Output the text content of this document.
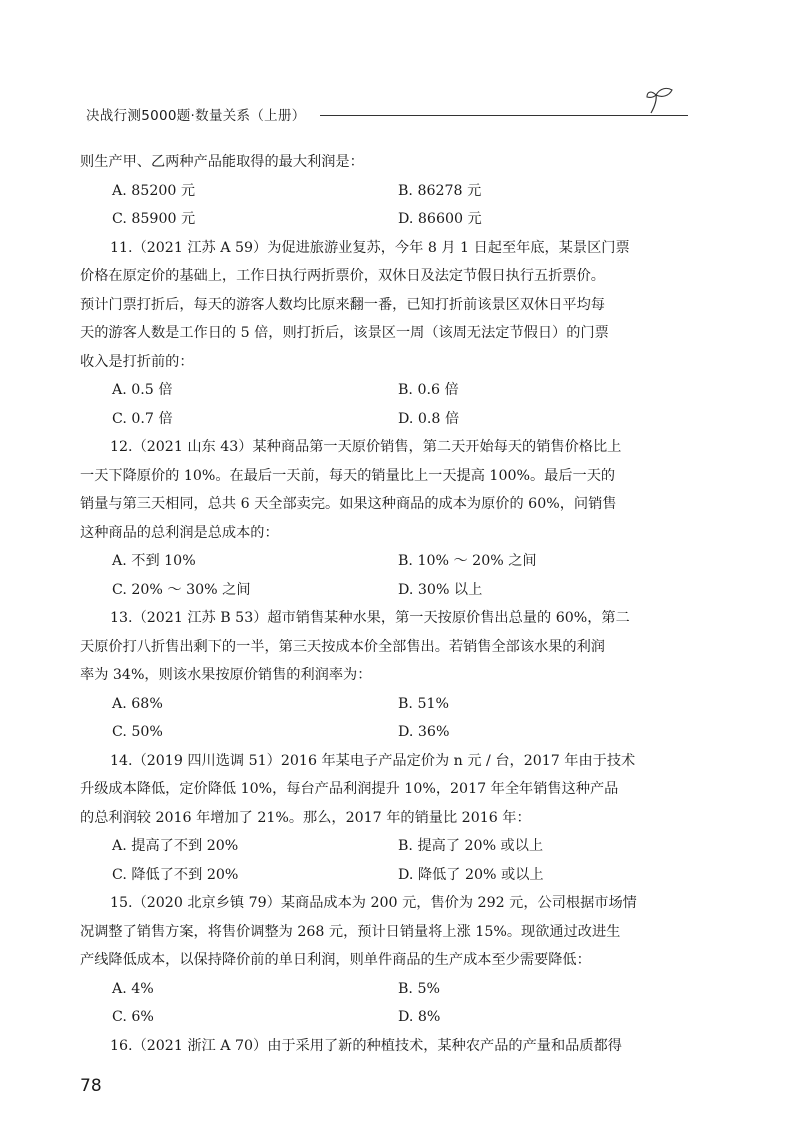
决战行测5000题·数量关系（上册）
则生产甲、乙两种产品能取得的最大利润是：
A. 85200 元	B. 86278 元
C. 85900 元	D. 86600 元
11.（2021 江苏 A 59）为促进旅游业复苏，今年 8 月 1 日起至年底，某景区门票
价格在原定价的基础上，工作日执行两折票价，双休日及法定节假日执行五折票价。
预计门票打折后，每天的游客人数均比原来翻一番，已知打折前该景区双休日平均每
天的游客人数是工作日的 5 倍，则打折后，该景区一周（该周无法定节假日）的门票
收入是打折前的：
A. 0.5 倍	B. 0.6 倍
C. 0.7 倍	D. 0.8 倍
12.（2021 山东 43）某种商品第一天原价销售，第二天开始每天的销售价格比上
一天下降原价的 10%。在最后一天前，每天的销量比上一天提高 100%。最后一天的
销量与第三天相同，总共 6 天全部卖完。如果这种商品的成本为原价的 60%，问销售
这种商品的总利润是总成本的：
A. 不到 10%	B. 10% ～ 20% 之间
C. 20% ～ 30% 之间	D. 30% 以上
13.（2021 江苏 B 53）超市销售某种水果，第一天按原价售出总量的 60%，第二
天原价打八折售出剩下的一半，第三天按成本价全部售出。若销售全部该水果的利润
率为 34%，则该水果按原价销售的利润率为：
A. 68%	B. 51%
C. 50%	D. 36%
14.（2019 四川选调 51）2016 年某电子产品定价为 n 元 / 台，2017 年由于技术
升级成本降低，定价降低 10%，每台产品利润提升 10%，2017 年全年销售这种产品
的总利润较 2016 年增加了 21%。那么，2017 年的销量比 2016 年：
A. 提高了不到 20%	B. 提高了 20% 或以上
C. 降低了不到 20%	D. 降低了 20% 或以上
15.（2020 北京乡镇 79）某商品成本为 200 元，售价为 292 元，公司根据市场情
况调整了销售方案，将售价调整为 268 元，预计日销量将上涨 15%。现欲通过改进生
产线降低成本，以保持降价前的单日利润，则单件商品的生产成本至少需要降低：
A. 4%	B. 5%
C. 6%	D. 8%
16.（2021 浙江 A 70）由于采用了新的种植技术，某种农产品的产量和品质都得
78
